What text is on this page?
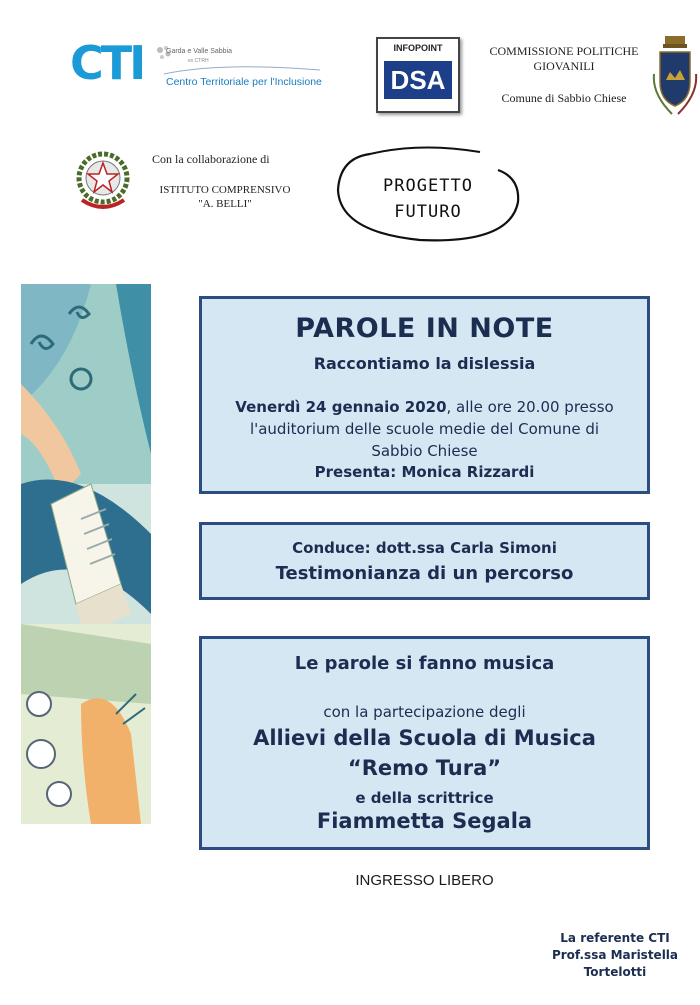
CTI	Garda e Valle Sabbia
ex CTRH
Centro Territoriale per l'Inclusione
INFOPOINT
DSA
COMMISSIONE POLITICHE
GIOVANILI
Comune di Sabbio Chiese
Con la collaborazione di
ISTITUTO COMPRENSIVO
"A. BELLI"
PROGETTO
FUTURO
PAROLE IN NOTE
Raccontiamo la dislessia
Venerdì 24 gennaio 2020, alle ore 20.00 presso
l'auditorium delle scuole medie del Comune di
Sabbio Chiese
Presenta: Monica Rizzardi
Conduce: dott.ssa Carla Simoni
Testimonianza di un percorso
Le parole si fanno musica
con la partecipazione degli
Allievi della Scuola di Musica
“Remo Tura”
e della scrittrice
Fiammetta Segala
INGRESSO LIBERO
La referente CTI
Prof.ssa Maristella
Tortelotti
